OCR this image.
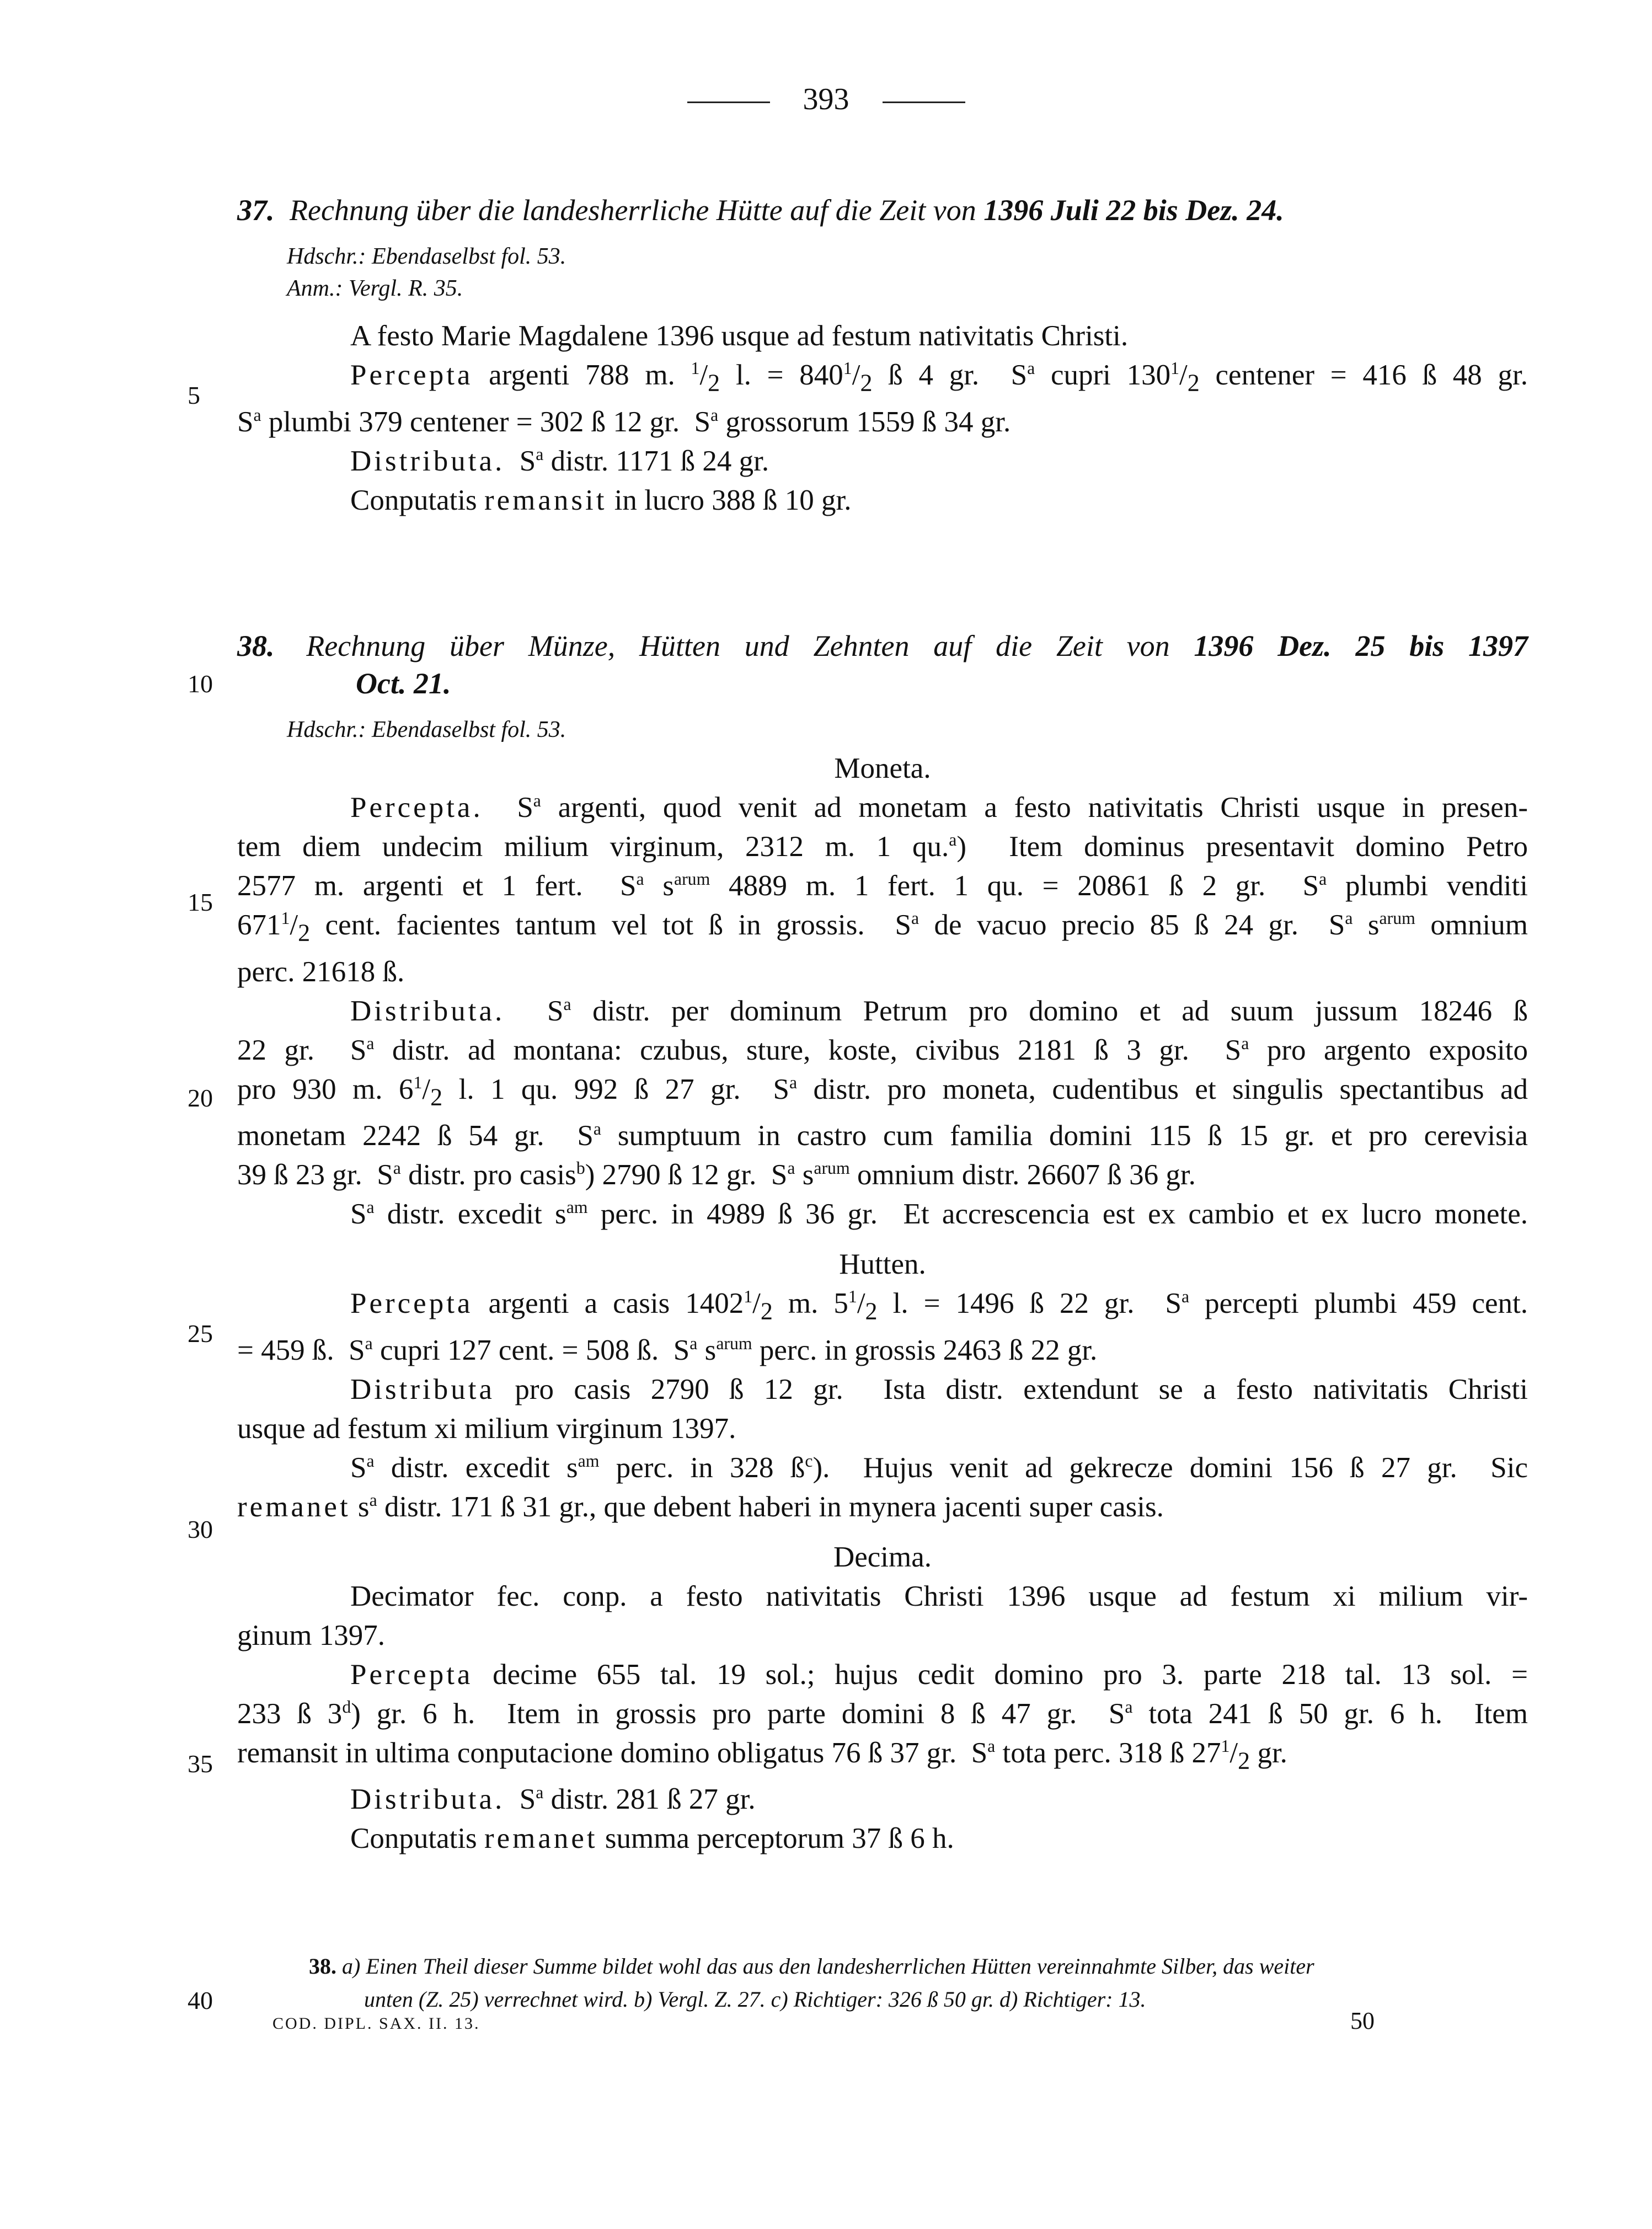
393
37. Rechnung über die landesherrliche Hütte auf die Zeit von 1396 Juli 22 bis Dez. 24.
Hdschr.: Ebendaselbst fol. 53.
Anm.: Vergl. R. 35.
A festo Marie Magdalene 1396 usque ad festum nativitatis Christi.
Percepta argenti 788 m. $^1/_2$ l. = $840^1/_2$ ß 4 gr.  $S^a$ cupri $130^1/_2$ centener = 416 ß 48 gr.
$S^a$ plumbi 379 centener = 302 ß 12 gr.  $S^a$ grossorum 1559 ß 34 gr.
Distributa.  $S^a$ distr. 1171 ß 24 gr.
Conputatis remansit in lucro 388 ß 10 gr.
38. Rechnung über Münze, Hütten und Zehnten auf die Zeit von 1396 Dez. 25 bis 1397
Oct. 21.
Hdschr.: Ebendaselbst fol. 53.
Moneta.
Percepta.  $S^a$ argenti, quod venit ad monetam a festo nativitatis Christi usque in presen-
tem diem undecim milium virginum, 2312 m. 1 qu.$^a$)  Item dominus presentavit domino Petro
2577 m. argenti et 1 fert.  $S^a$ $s^{arum}$ 4889 m. 1 fert. 1 qu. = 20861 ß 2 gr.  $S^a$ plumbi venditi
$671^1/_2$ cent. facientes tantum vel tot ß in grossis.  $S^a$ de vacuo precio 85 ß 24 gr.  $S^a$ $s^{arum}$ omnium
perc. 21618 ß.
Distributa.  $S^a$ distr. per dominum Petrum pro domino et ad suum jussum 18246 ß
22 gr.  $S^a$ distr. ad montana: czubus, sture, koste, civibus 2181 ß 3 gr.  $S^a$ pro argento exposito
pro 930 m. $6^1/_2$ l. 1 qu. 992 ß 27 gr.  $S^a$ distr. pro moneta, cudentibus et singulis spectantibus ad
monetam 2242 ß 54 gr.  $S^a$ sumptuum in castro cum familia domini 115 ß 15 gr. et pro cerevisia
39 ß 23 gr.  $S^a$ distr. pro casis$^b$) 2790 ß 12 gr.  $S^a$ $s^{arum}$ omnium distr. 26607 ß 36 gr.
$S^a$ distr. excedit $s^{am}$ perc. in 4989 ß 36 gr.  Et accrescencia est ex cambio et ex lucro monete.
Hutten.
Percepta argenti a casis $1402^1/_2$ m. $5^1/_2$ l. = 1496 ß 22 gr.  $S^a$ percepti plumbi 459 cent.
= 459 ß.  $S^a$ cupri 127 cent. = 508 ß.  $S^a$ $s^{arum}$ perc. in grossis 2463 ß 22 gr.
Distributa pro casis 2790 ß 12 gr.  Ista distr. extendunt se a festo nativitatis Christi
usque ad festum xi milium virginum 1397.
$S^a$ distr. excedit $s^{am}$ perc. in 328 $ß^c$).  Hujus venit ad gekrecze domini 156 ß 27 gr.  Sic
remanet $s^a$ distr. 171 ß 31 gr., que debent haberi in mynera jacenti super casis.
Decima.
Decimator fec. conp. a festo nativitatis Christi 1396 usque ad festum xi milium vir-
ginum 1397.
Percepta decime 655 tal. 19 sol.; hujus cedit domino pro 3. parte 218 tal. 13 sol. =
233 ß 3$^d$) gr. 6 h.  Item in grossis pro parte domini 8 ß 47 gr.  $S^a$ tota 241 ß 50 gr. 6 h.  Item
remansit in ultima conputacione domino obligatus 76 ß 37 gr.  $S^a$ tota perc. 318 ß $27^1/_2$ gr.
Distributa.  $S^a$ distr. 281 ß 27 gr.
Conputatis remanet summa perceptorum 37 ß 6 h.
38. a) Einen Theil dieser Summe bildet wohl das aus den landesherrlichen Hütten vereinnahmte Silber, das weiter
unten (Z. 25) verrechnet wird. b) Vergl. Z. 27. c) Richtiger: 326 ß 50 gr. d) Richtiger: 13.
5
10
15
20
25
30
35
40
COD. DIPL. SAX. II. 13.	50
